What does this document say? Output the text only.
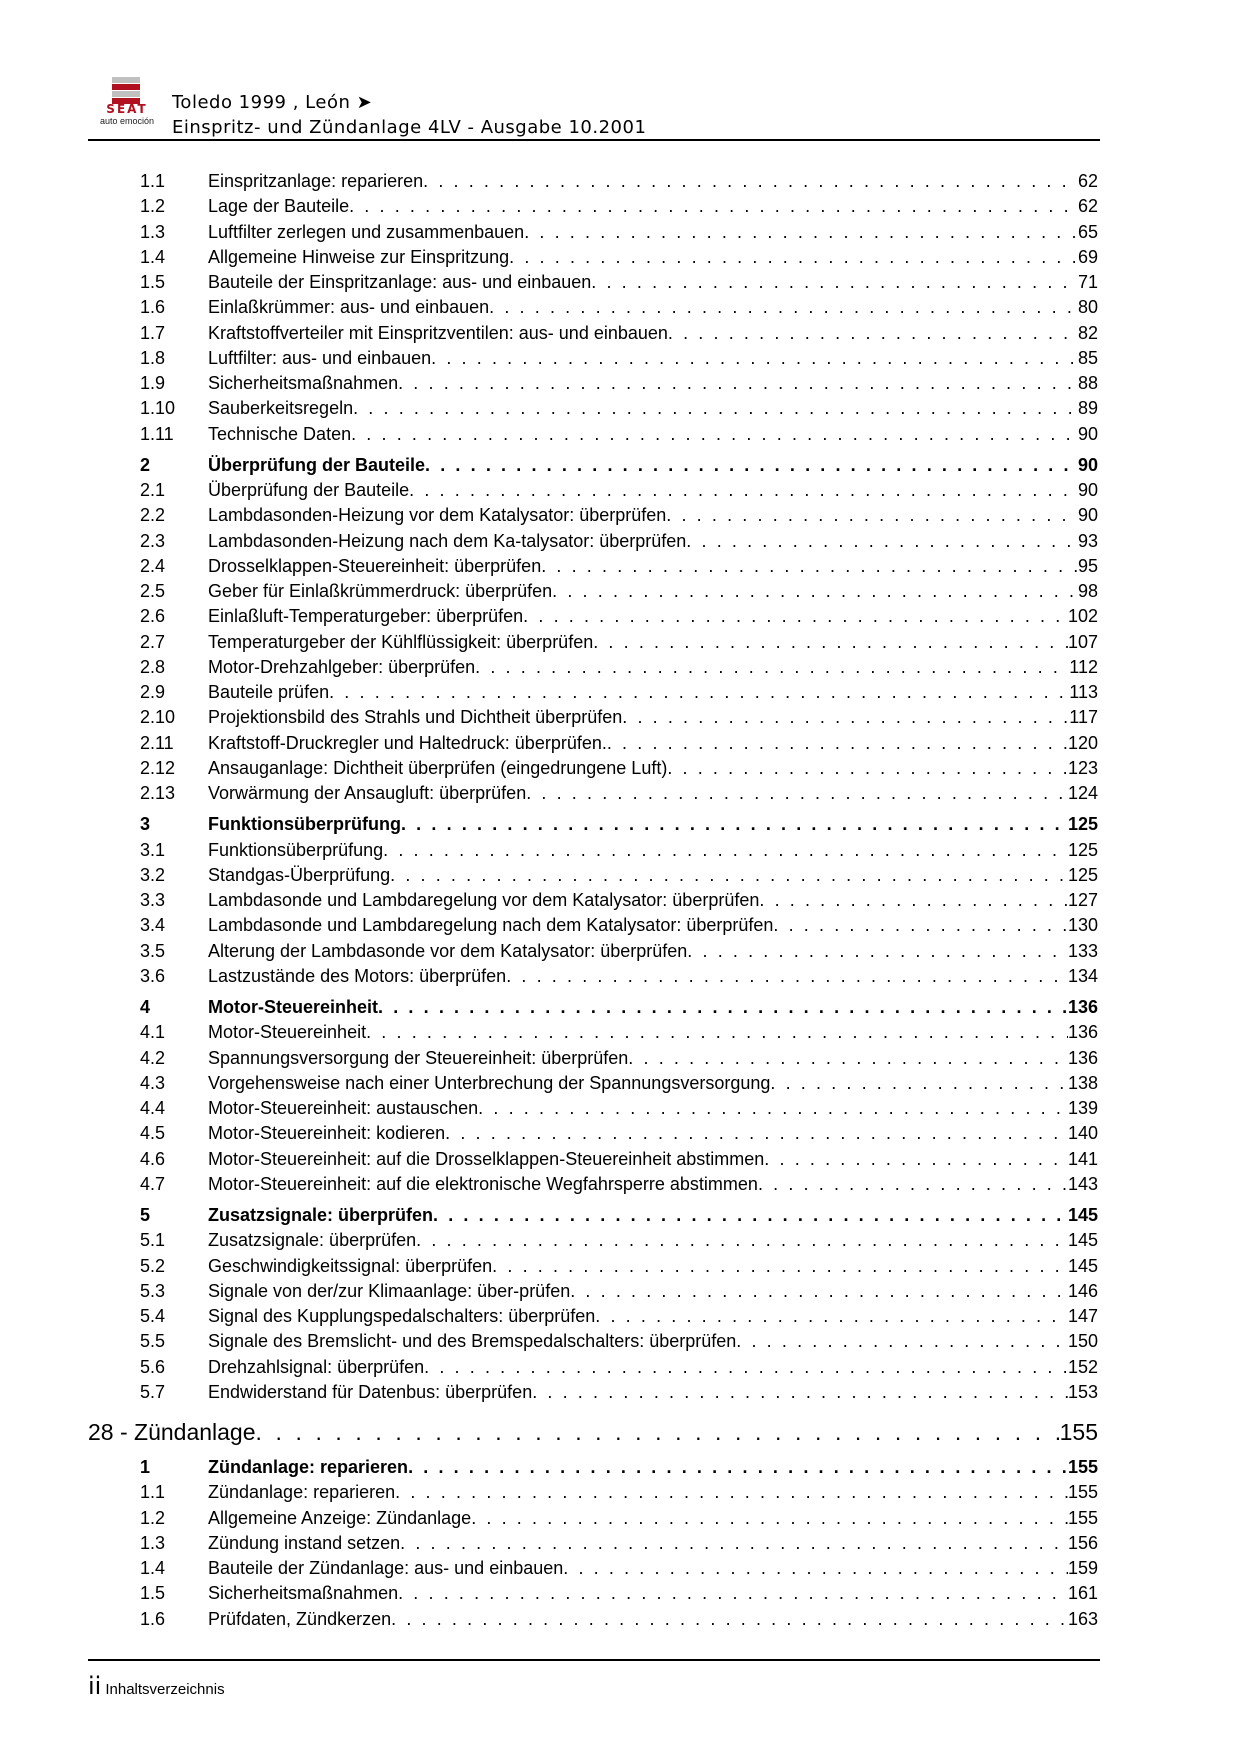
SEAT
auto emoción
Toledo 1999 , León ➤
Einspritz- und Zündanlage 4LV - Ausgabe 10.2001
1.1	Einspritzanlage: reparieren . . .	62
1.2	Lage der Bauteile . . .	62
1.3	Luftfilter zerlegen und zusammenbauen . . .	65
1.4	Allgemeine Hinweise zur Einspritzung . . .	69
1.5	Bauteile der Einspritzanlage: aus- und einbauen . . .	71
1.6	Einlaßkrümmer: aus- und einbauen . . .	80
1.7	Kraftstoffverteiler mit Einspritzventilen: aus- und einbauen . . .	82
1.8	Luftfilter: aus- und einbauen . . .	85
1.9	Sicherheitsmaßnahmen . . .	88
1.10	Sauberkeitsregeln . . .	89
1.11	Technische Daten . . .	90
2	Überprüfung der Bauteile . . .	90
2.1	Überprüfung der Bauteile . . .	90
2.2	Lambdasonden-Heizung vor dem Katalysator: überprüfen . . .	90
2.3	Lambdasonden-Heizung nach dem Ka-talysator: überprüfen . . .	93
2.4	Drosselklappen-Steuereinheit: überprüfen . . .	95
2.5	Geber für Einlaßkrümmerdruck: überprüfen . . .	98
2.6	Einlaßluft-Temperaturgeber: überprüfen . . .	102
2.7	Temperaturgeber der Kühlflüssigkeit: überprüfen . . .	107
2.8	Motor-Drehzahlgeber: überprüfen . . .	112
2.9	Bauteile prüfen . . .	113
2.10	Projektionsbild des Strahls und Dichtheit überprüfen . . .	117
2.11	Kraftstoff-Druckregler und Haltedruck: überprüfen. . . .	120
2.12	Ansauganlage: Dichtheit überprüfen (eingedrungene Luft) . . .	123
2.13	Vorwärmung der Ansaugluft: überprüfen . . .	124
3	Funktionsüberprüfung . . .	125
3.1	Funktionsüberprüfung . . .	125
3.2	Standgas-Überprüfung . . .	125
3.3	Lambdasonde und Lambdaregelung vor dem Katalysator: überprüfen . . .	127
3.4	Lambdasonde und Lambdaregelung nach dem Katalysator: überprüfen . . .	130
3.5	Alterung der Lambdasonde vor dem Katalysator: überprüfen . . .	133
3.6	Lastzustände des Motors: überprüfen . . .	134
4	Motor-Steuereinheit . . .	136
4.1	Motor-Steuereinheit . . .	136
4.2	Spannungsversorgung der Steuereinheit: überprüfen . . .	136
4.3	Vorgehensweise nach einer Unterbrechung der Spannungsversorgung . . .	138
4.4	Motor-Steuereinheit: austauschen . . .	139
4.5	Motor-Steuereinheit: kodieren . . .	140
4.6	Motor-Steuereinheit: auf die Drosselklappen-Steuereinheit abstimmen . . .	141
4.7	Motor-Steuereinheit: auf die elektronische Wegfahrsperre abstimmen . . .	143
5	Zusatzsignale: überprüfen . . .	145
5.1	Zusatzsignale: überprüfen . . .	145
5.2	Geschwindigkeitssignal: überprüfen . . .	145
5.3	Signale von der/zur Klimaanlage: über-prüfen . . .	146
5.4	Signal des Kupplungspedalschalters: überprüfen . . .	147
5.5	Signale des Bremslicht- und des Bremspedalschalters: überprüfen . . .	150
5.6	Drehzahlsignal: überprüfen . . .	152
5.7	Endwiderstand für Datenbus: überprüfen . . .	153
28 - Zündanlage . . .	155
1	Zündanlage: reparieren . . .	155
1.1	Zündanlage: reparieren . . .	155
1.2	Allgemeine Anzeige: Zündanlage . . .	155
1.3	Zündung instand setzen . . .	156
1.4	Bauteile der Zündanlage: aus- und einbauen . . .	159
1.5	Sicherheitsmaßnahmen . . .	161
1.6	Prüfdaten, Zündkerzen . . .	163
ii Inhaltsverzeichnis
